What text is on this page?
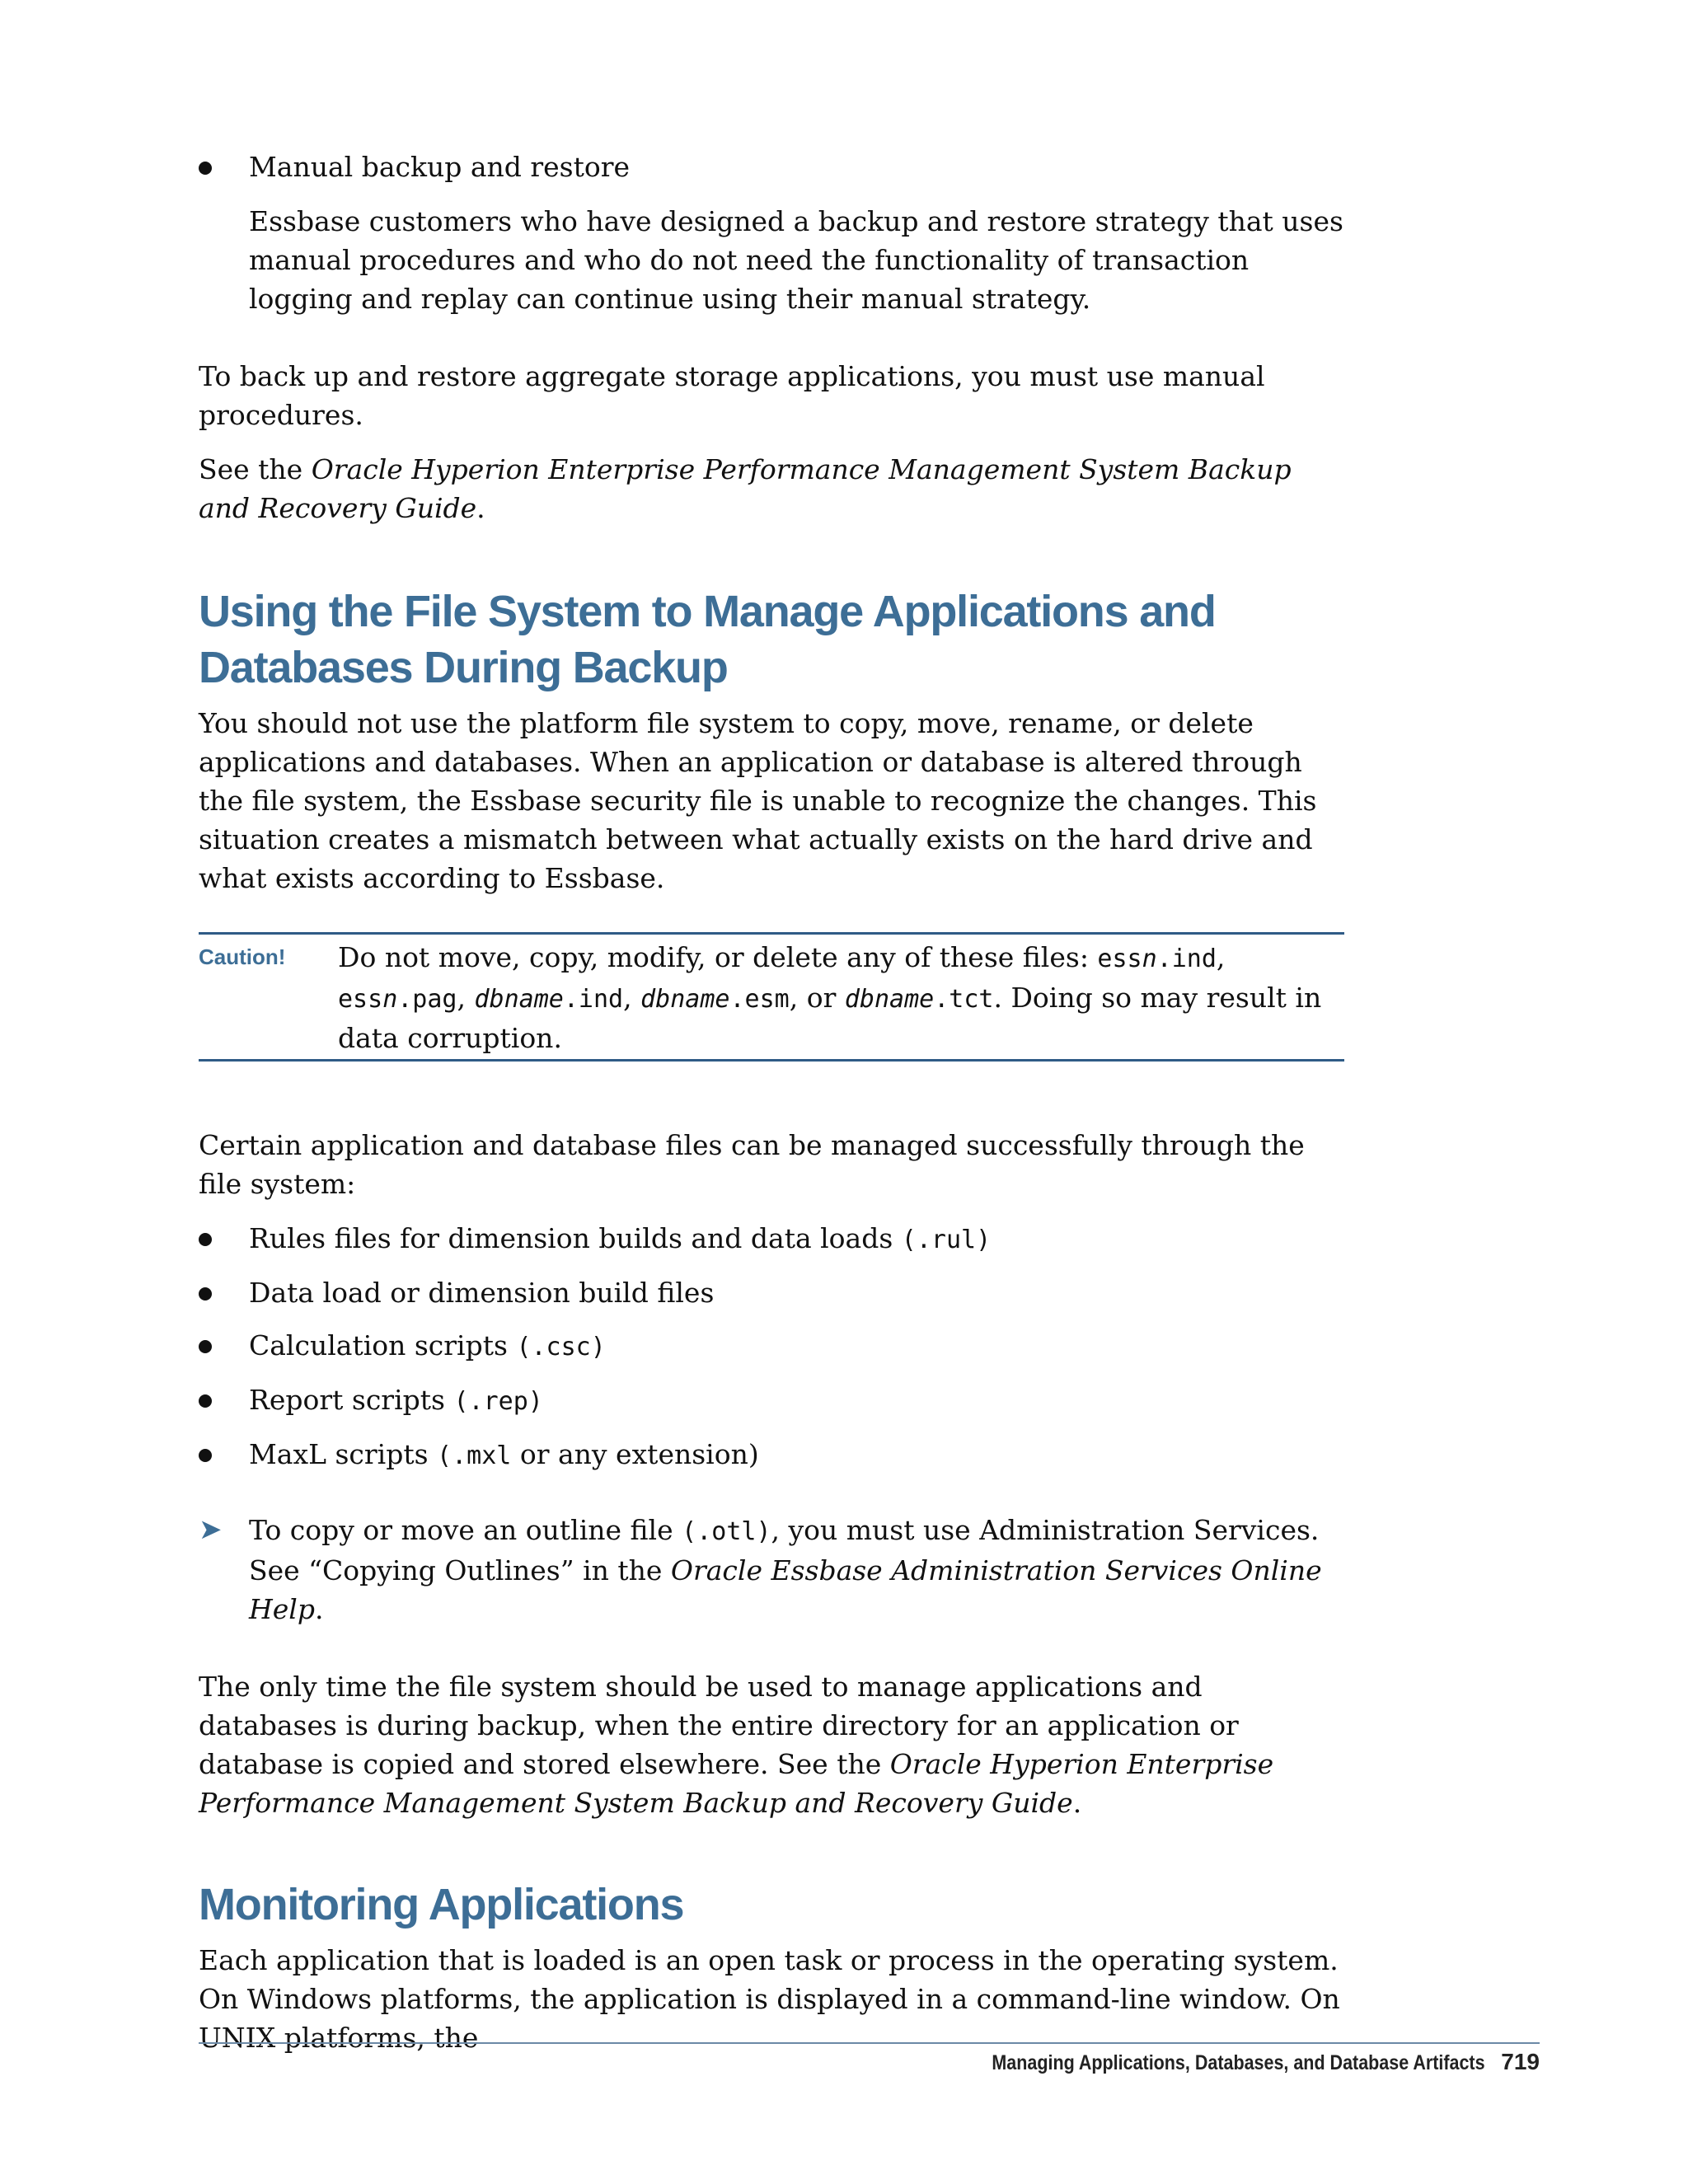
Manual backup and restore

Essbase customers who have designed a backup and restore strategy that uses manual procedures and who do not need the functionality of transaction logging and replay can continue using their manual strategy.

To back up and restore aggregate storage applications, you must use manual procedures.

See the Oracle Hyperion Enterprise Performance Management System Backup and Recovery Guide.

Using the File System to Manage Applications and Databases During Backup

You should not use the platform file system to copy, move, rename, or delete applications and databases. When an application or database is altered through the file system, the Essbase security file is unable to recognize the changes. This situation creates a mismatch between what actually exists on the hard drive and what exists according to Essbase.

Caution!	Do not move, copy, modify, or delete any of these files: essn.ind, essn.pag, dbname.ind, dbname.esm, or dbname.tct. Doing so may result in data corruption.

Certain application and database files can be managed successfully through the file system:

Rules files for dimension builds and data loads (.rul)
Data load or dimension build files
Calculation scripts (.csc)
Report scripts (.rep)
MaxL scripts (.mxl or any extension)
➤ To copy or move an outline file (.otl), you must use Administration Services. See “Copying Outlines” in the Oracle Essbase Administration Services Online Help.

The only time the file system should be used to manage applications and databases is during backup, when the entire directory for an application or database is copied and stored elsewhere. See the Oracle Hyperion Enterprise Performance Management System Backup and Recovery Guide.

Monitoring Applications

Each application that is loaded is an open task or process in the operating system. On Windows platforms, the application is displayed in a command-line window. On UNIX platforms, the

Managing Applications, Databases, and Database Artifacts 719
